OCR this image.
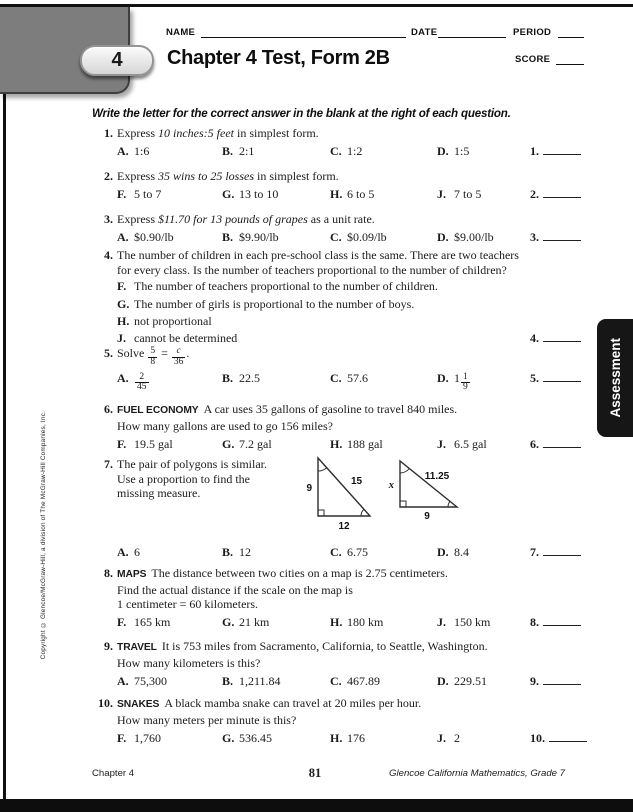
4
NAME	DATE	PERIOD
SCORE
Chapter 4 Test, Form 2B
Write the letter for the correct answer in the blank at the right of each question.
1. Express 10 inches:5 feet in simplest form.
A. 1:6	B. 2:1	C. 1:2	D. 1:5	1.
2. Express 35 wins to 25 losses in simplest form.
F. 5 to 7	G. 13 to 10	H. 6 to 5	J. 7 to 5	2.
3. Express $11.70 for 13 pounds of grapes as a unit rate.
A. $0.90/lb	B. $9.90/lb	C. $0.09/lb	D. $9.00/lb	3.
4. The number of children in each pre-school class is the same. There are two teachers
for every class. Is the number of teachers proportional to the number of children?
F. The number of teachers proportional to the number of children.
G. The number of girls is proportional to the number of boys.
H. not proportional
J. cannot be determined	4.
5. Solve $\frac{5}{8} = \frac{c}{36}$ .
A. $\frac{2}{45}$	B. 22.5	C. 57.6	D. $1 \frac{1}{9}$	5.
6. FUEL ECONOMY A car uses 35 gallons of gasoline to travel 840 miles.
How many gallons are used to go 156 miles?
F. 19.5 gal	G. 7.2 gal	H. 188 gal	J. 6.5 gal	6.
7. The pair of polygons is similar.
Use a proportion to find the
missing measure.
A. 6	B. 12	C. 6.75	D. 8.4	7.
8. MAPS The distance between two cities on a map is 2.75 centimeters.
Find the actual distance if the scale on the map is
1 centimeter = 60 kilometers.
F. 165 km	G. 21 km	H. 180 km	J. 150 km	8.
9. TRAVEL It is 753 miles from Sacramento, California, to Seattle, Washington.
How many kilometers is this?
A. 75,300	B. 1,211.84	C. 467.89	D. 229.51	9.
10. SNAKES A black mamba snake can travel at 20 miles per hour.
How many meters per minute is this?
F. 1,760	G. 536.45	H. 176	J. 2	10.
9
15
12
x
11.25
9
Assessment
Copyright © Glencoe/McGraw-Hill, a division of The McGraw-Hill Companies, Inc.
Chapter 4	81	Glencoe California Mathematics, Grade 7
